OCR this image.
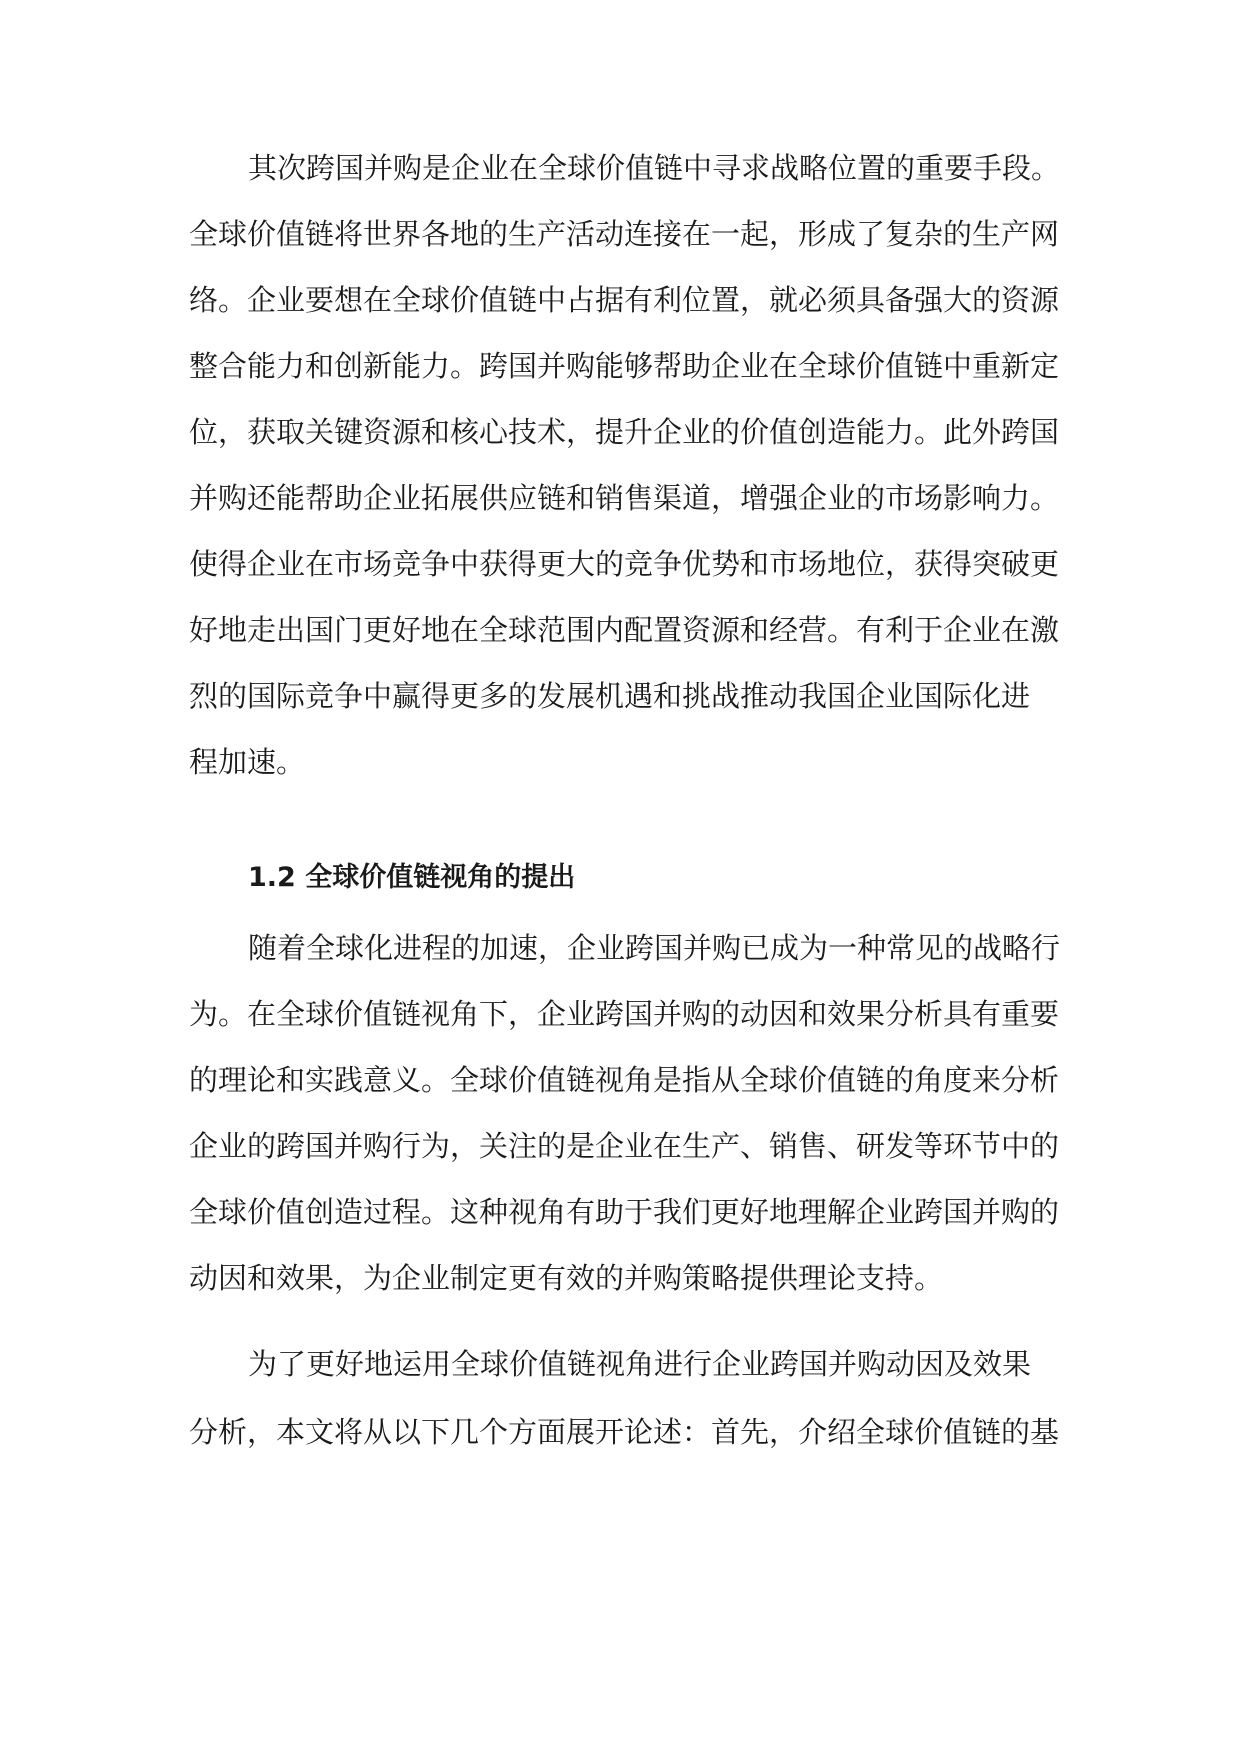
其次跨国并购是企业在全球价值链中寻求战略位置的重要手段。

全球价值链将世界各地的生产活动连接在一起，形成了复杂的生产网

络。企业要想在全球价值链中占据有利位置，就必须具备强大的资源

整合能力和创新能力。跨国并购能够帮助企业在全球价值链中重新定

位，获取关键资源和核心技术，提升企业的价值创造能力。此外跨国

并购还能帮助企业拓展供应链和销售渠道，增强企业的市场影响力。

使得企业在市场竞争中获得更大的竞争优势和市场地位，获得突破更

好地走出国门更好地在全球范围内配置资源和经营。有利于企业在激

烈的国际竞争中赢得更多的发展机遇和挑战推动我国企业国际化进

程加速。

1.2 全球价值链视角的提出

随着全球化进程的加速，企业跨国并购已成为一种常见的战略行

为。在全球价值链视角下，企业跨国并购的动因和效果分析具有重要

的理论和实践意义。全球价值链视角是指从全球价值链的角度来分析

企业的跨国并购行为，关注的是企业在生产、销售、研发等环节中的

全球价值创造过程。这种视角有助于我们更好地理解企业跨国并购的

动因和效果，为企业制定更有效的并购策略提供理论支持。

为了更好地运用全球价值链视角进行企业跨国并购动因及效果

分析，本文将从以下几个方面展开论述：首先，介绍全球价值链的基
